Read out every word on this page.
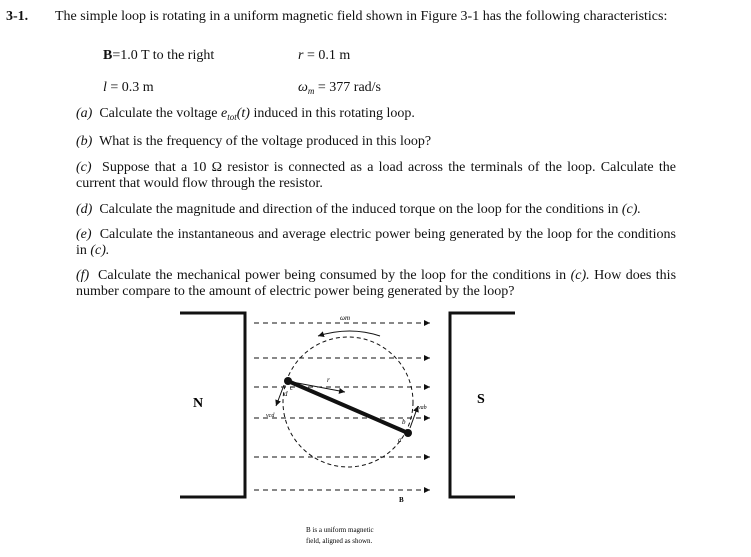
3-1. The simple loop is rotating in a uniform magnetic field shown in Figure 3-1 has the following characteristics:
B=1.0 T to the right	r = 0.1 m
l = 0.3 m	$\omega_m = 377$ rad/s
(a) Calculate the voltage $e_{tot}(t)$ induced in this rotating loop.
(b) What is the frequency of the voltage produced in this loop?
(c) Suppose that a 10 Ω resistor is connected as a load across the terminals of the loop. Calculate the current that would flow through the resistor.
(d) Calculate the magnitude and direction of the induced torque on the loop for the conditions in (c).
(e) Calculate the instantaneous and average electric power being generated by the loop for the conditions in (c).
(f) Calculate the mechanical power being consumed by the loop for the conditions in (c). How does this number compare to the amount of electric power being generated by the loop?
N	S
ωm
r
d
c
b
a
vcd
vab
B
B is a uniform magnetic
field, aligned as shown.
